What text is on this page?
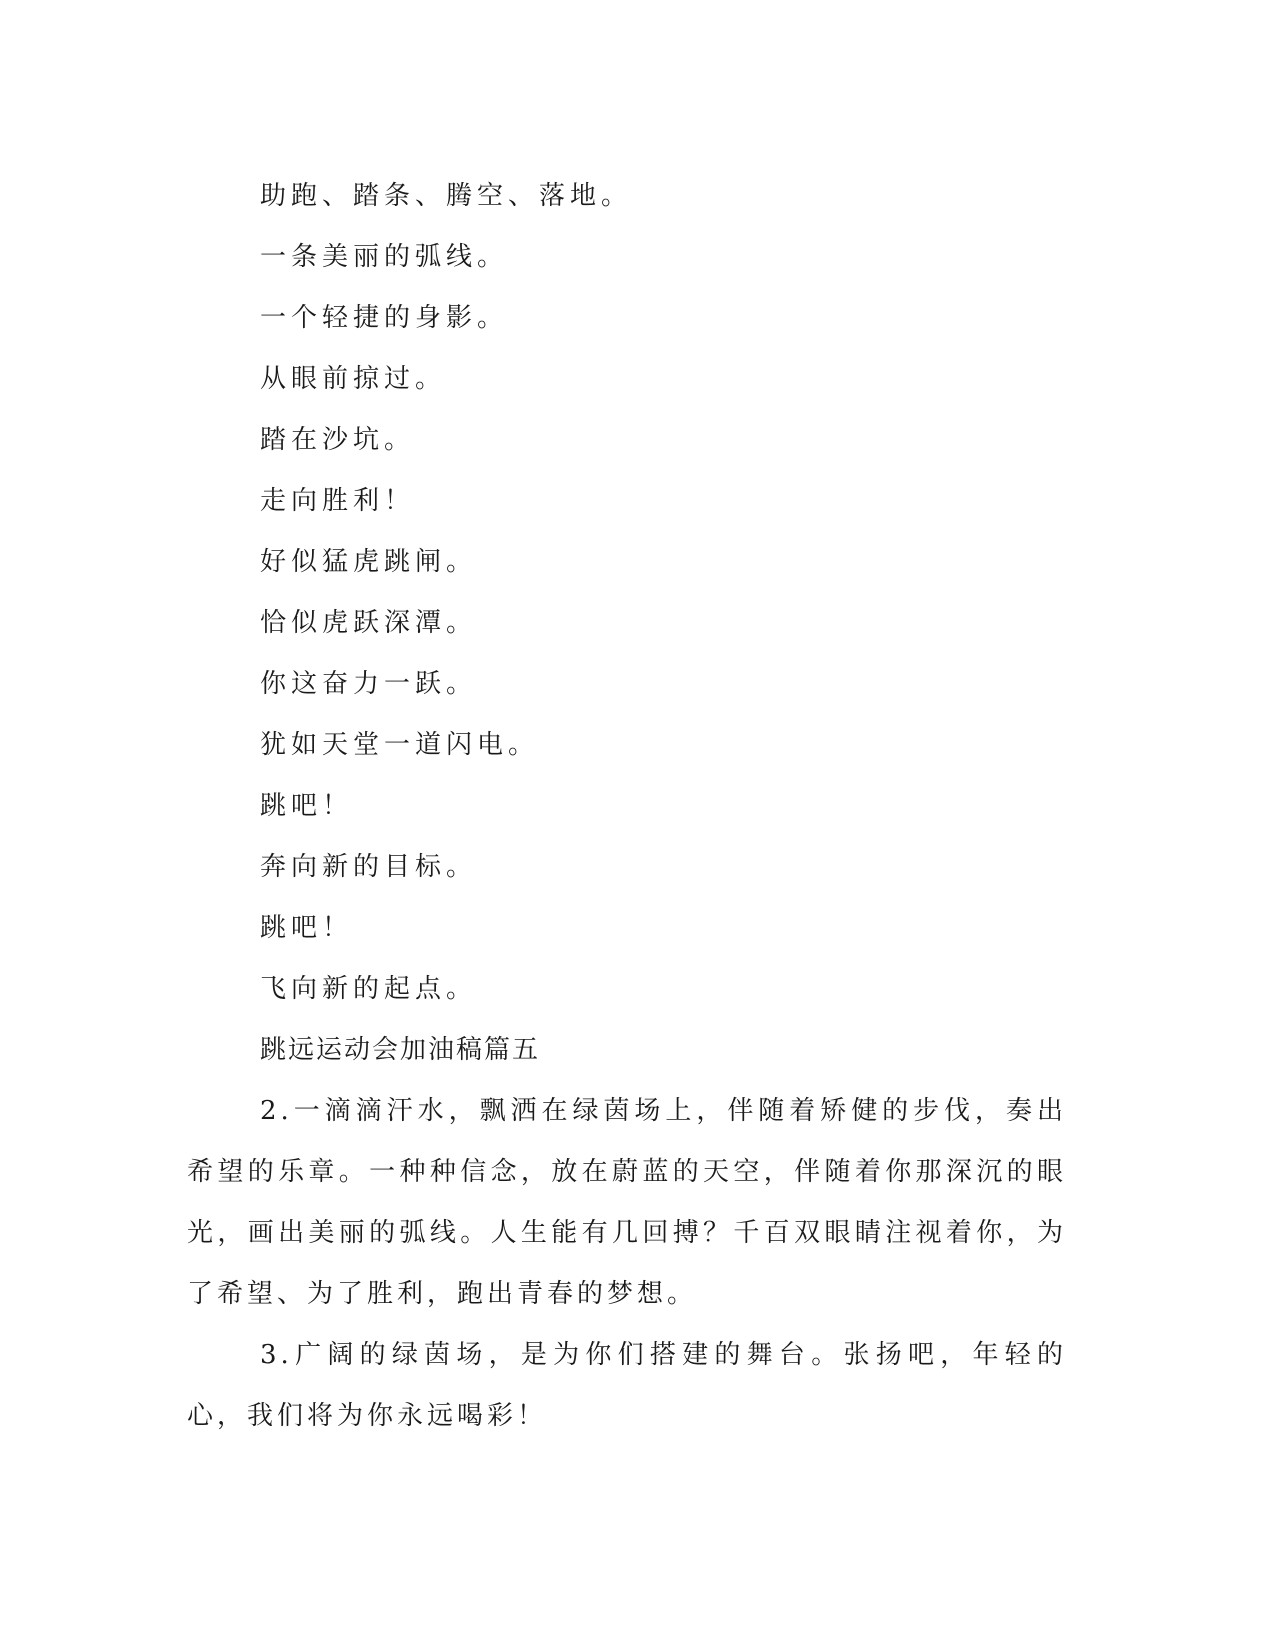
助跑、踏条、腾空、落地。

一条美丽的弧线。

一个轻捷的身影。

从眼前掠过。

踏在沙坑。

走向胜利！

好似猛虎跳闸。

恰似虎跃深潭。

你这奋力一跃。

犹如天堂一道闪电。

跳吧！

奔向新的目标。

跳吧！

飞向新的起点。

跳远运动会加油稿篇五

2.一滴滴汗水，飘洒在绿茵场上，伴随着矫健的步伐，奏出希望的乐章。一种种信念，放在蔚蓝的天空，伴随着你那深沉的眼光，画出美丽的弧线。人生能有几回搏？千百双眼睛注视着你，为了希望、为了胜利，跑出青春的梦想。

3.广阔的绿茵场，是为你们搭建的舞台。张扬吧，年轻的心，我们将为你永远喝彩！
